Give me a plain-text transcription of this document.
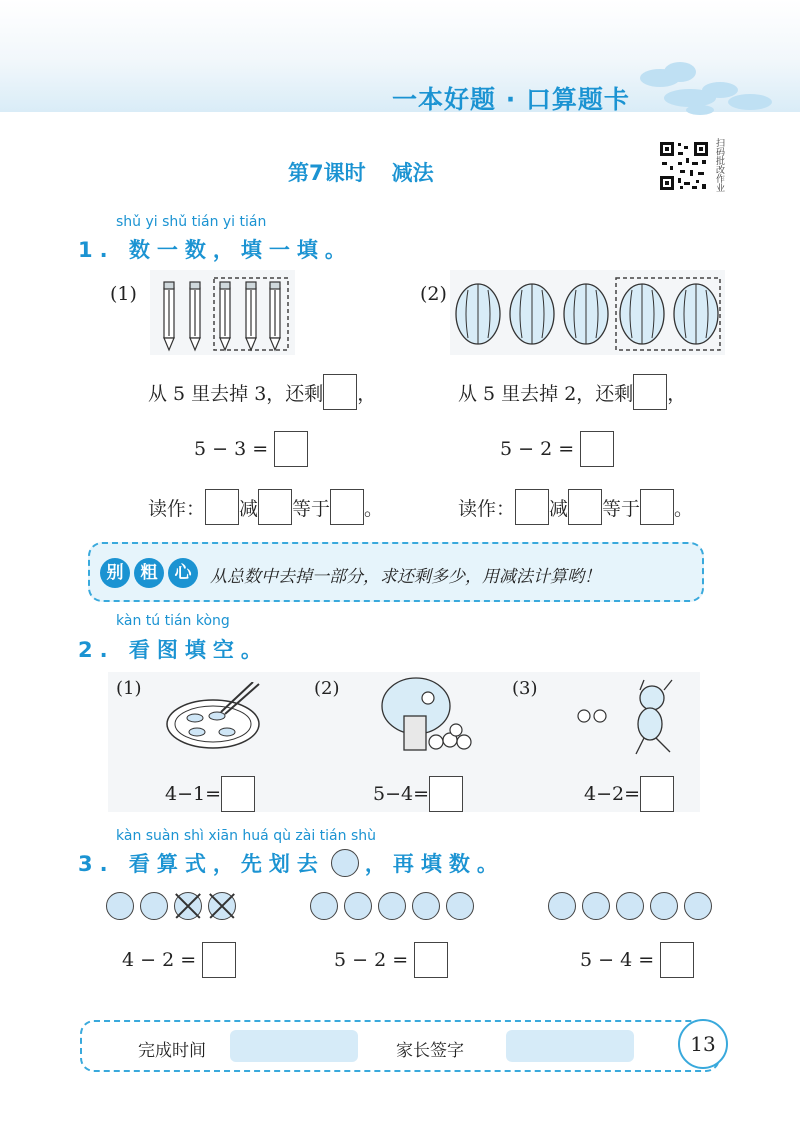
一本好题 · 口算题卡
第7课时 减法	扫码批改作业
shǔ yi shǔ tián yi tián
1. 数一数，填一填。
(1)	(2)
从 5 里去掉 3，还剩 ，	从 5 里去掉 2，还剩 ，
5 − 3 =
	5 − 2 =

读作： 减 等于 。	读作： 减 等于 。
别	粗	心	从总数中去掉一部分，求还剩多少，用减法计算哟！
kàn tú tián kòng
2. 看图填空。
(1)	(2)	(3)
4−1=	5−4=	4−2=
kàn suàn shì xiān huá qù zài tián shù
3. 看算式，先划去 ，再填数。
4 − 2 =
	5 − 2 =
	5 − 4 =

完成时间	家长签字	13
